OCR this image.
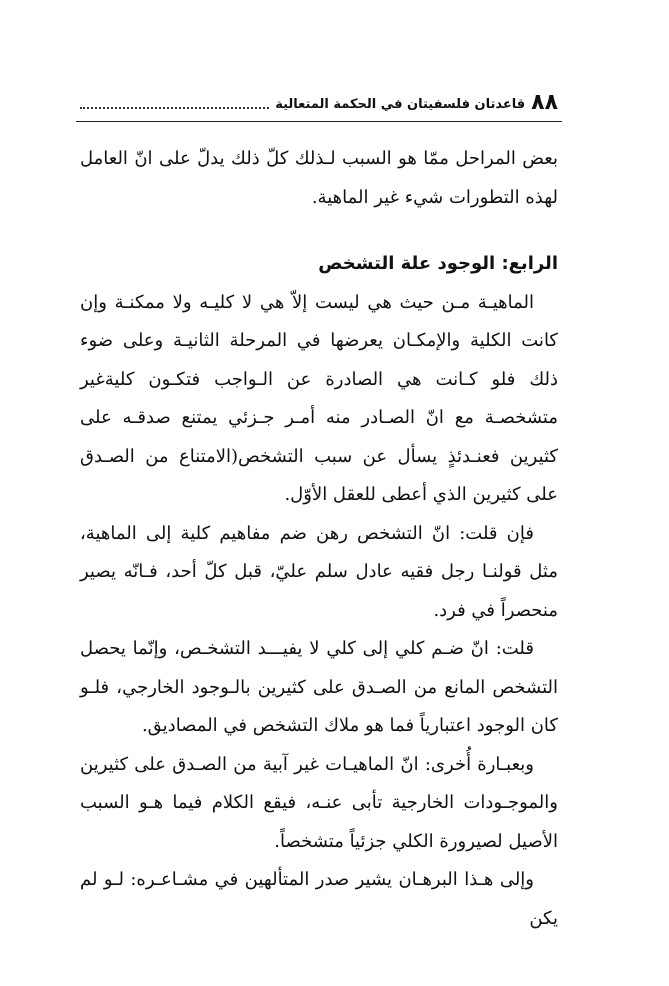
٨٨
قاعدتان فلسفيتان في الحكمة المتعالية

بعض المراحل ممّا هو السبب لـذلك كلّ ذلك يدلّ على انّ العامل لهذه التطورات شيء غير الماهية.

الرابع: الوجود علة التشخص

الماهيـة مـن حيث هي ليست إلاّ هي لا كليـه ولا ممكنـة وإن كانت الكلية والإمكـان يعرضها في المرحلة الثانيـة وعلى ضوء ذلك فلو كـانت هي الصادرة عن الـواجب فتكـون كليةغير متشخصـة مع انّ الصـادر منه أمـر جـزئي يمتنع صدقـه على كثيرين فعنـدئذٍ يسأل عن سبب التشخص(الامتناع من الصـدق على كثيرين الذي أعطى للعقل الأوّل.

فإن قلت: انّ التشخص رهن ضم مفاهيم كلية إلى الماهية، مثل قولنـا رجل فقيه عادل سلم عليّ، قبل كلّ أحد، فـانّه يصير منحصراً في فرد.

قلت: انّ ضـم كلي إلى كلي لا يفيـــد التشخـص، وإنّما يحصل التشخص المانع من الصـدق على كثيرين بالـوجود الخارجي، فلـو كان الوجود اعتبارياً فما هو ملاك التشخص في المصاديق.

وبعبـارة أُخرى: انّ الماهيـات غير آبية من الصـدق على كثيرين والموجـودات الخارجية تأبى عنـه، فيقع الكلام فيما هـو السبب الأصيل لصيرورة الكلي جزئياً متشخصاً.

وإلى هـذا البرهـان يشير صدر المتألهين في مشـاعـره: لـو لم يكن
